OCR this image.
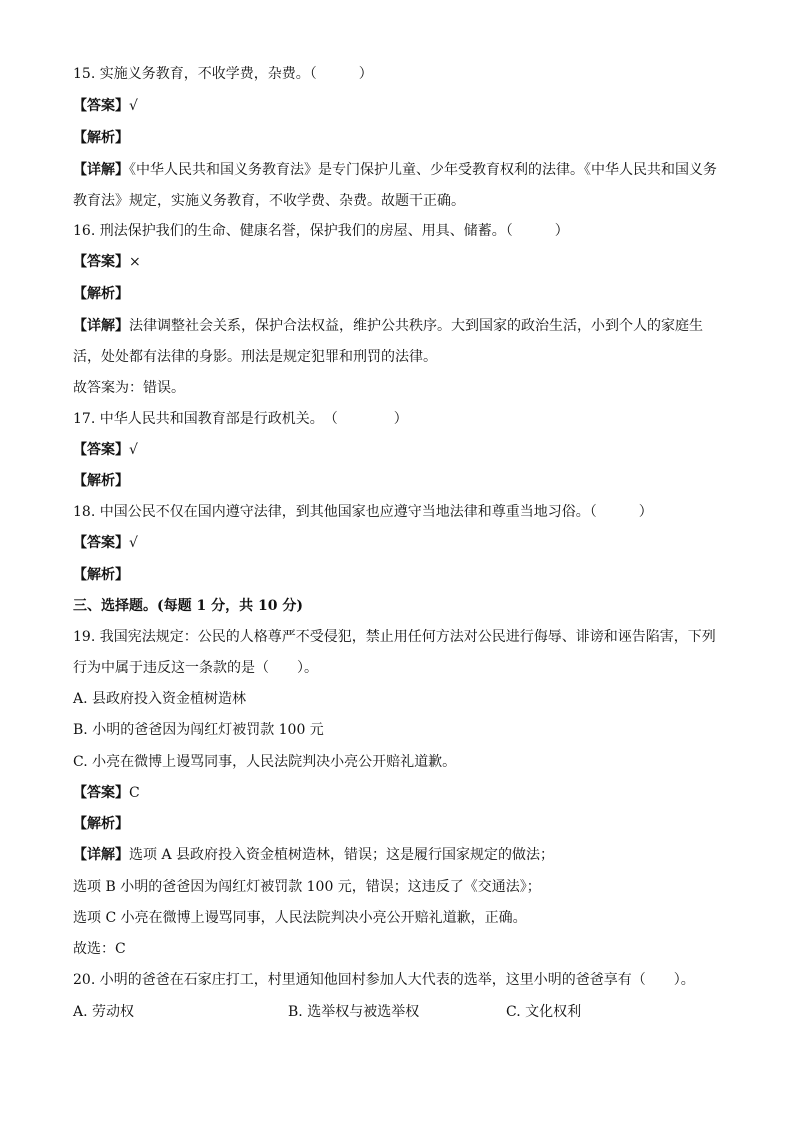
15. 实施义务教育，不收学费，杂费。（　　　）
【答案】√
【解析】
【详解】《中华人民共和国义务教育法》是专门保护儿童、少年受教育权利的法律。《中华人民共和国义务
教育法》规定，实施义务教育，不收学费、杂费。故题干正确。
16. 刑法保护我们的生命、健康名誉，保护我们的房屋、用具、储蓄。（　　　）
【答案】×
【解析】
【详解】法律调整社会关系，保护合法权益，维护公共秩序。大到国家的政治生活，小到个人的家庭生
活，处处都有法律的身影。刑法是规定犯罪和刑罚的法律。
故答案为：错误。
17. 中华人民共和国教育部是行政机关。　（　　　　）
【答案】√
【解析】
18. 中国公民不仅在国内遵守法律，到其他国家也应遵守当地法律和尊重当地习俗。（　　　）
【答案】√
【解析】
三、选择题。(每题 1 分，共 10 分)
19. 我国宪法规定：公民的人格尊严不受侵犯，禁止用任何方法对公民进行侮辱、诽谤和诬告陷害，下列
行为中属于违反这一条款的是（　　）。
A. 县政府投入资金植树造林
B. 小明的爸爸因为闯红灯被罚款 100 元
C. 小亮在微博上谩骂同事，人民法院判决小亮公开赔礼道歉。
【答案】C
【解析】
【详解】选项 A 县政府投入资金植树造林，错误；这是履行国家规定的做法；
选项 B 小明的爸爸因为闯红灯被罚款 100 元，错误；这违反了《交通法》；
选项 C 小亮在微博上谩骂同事，人民法院判决小亮公开赔礼道歉，正确。
故选：C
20. 小明的爸爸在石家庄打工，村里通知他回村参加人大代表的选举，这里小明的爸爸享有（　　）。
A. 劳动权	B. 选举权与被选举权	C. 文化权利
